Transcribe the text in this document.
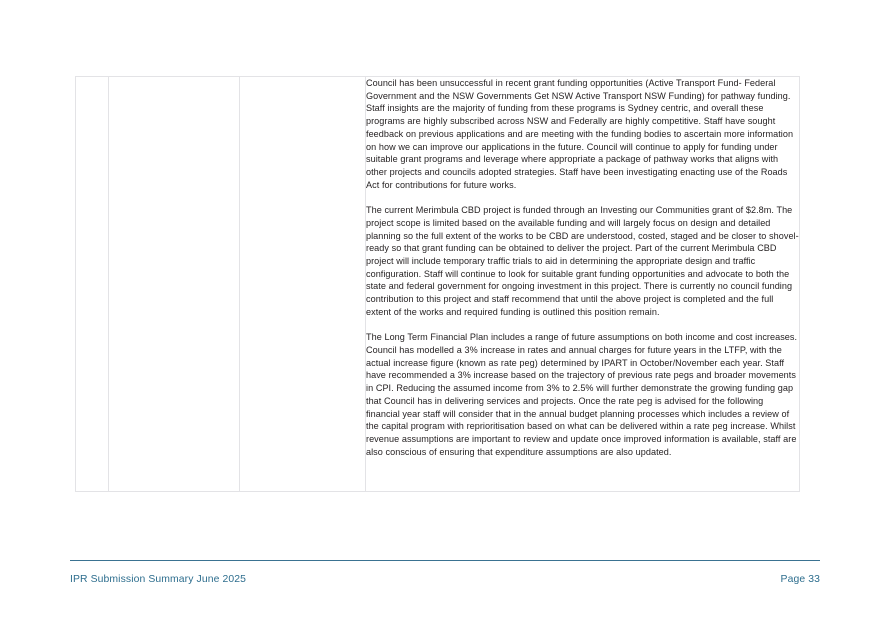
Council has been unsuccessful in recent grant funding opportunities (Active Transport Fund- Federal Government and the NSW Governments Get NSW Active Transport NSW Funding) for pathway funding. Staff insights are the majority of funding from these programs is Sydney centric, and overall these programs are highly subscribed across NSW and Federally are highly competitive. Staff have sought feedback on previous applications and are meeting with the funding bodies to ascertain more information on how we can improve our applications in the future. Council will continue to apply for funding under suitable grant programs and leverage where appropriate a package of pathway works that aligns with other projects and councils adopted strategies. Staff have been investigating enacting use of the Roads Act for contributions for future works.

The current Merimbula CBD project is funded through an Investing our Communities grant of $2.8m. The project scope is limited based on the available funding and will largely focus on design and detailed planning so the full extent of the works to be CBD are understood, costed, staged and be closer to shovel-ready so that grant funding can be obtained to deliver the project. Part of the current Merimbula CBD project will include temporary traffic trials to aid in determining the appropriate design and traffic configuration. Staff will continue to look for suitable grant funding opportunities and advocate to both the state and federal government for ongoing investment in this project. There is currently no council funding contribution to this project and staff recommend that until the above project is completed and the full extent of the works and required funding is outlined this position remain.

The Long Term Financial Plan includes a range of future assumptions on both income and cost increases. Council has modelled a 3% increase in rates and annual charges for future years in the LTFP, with the actual increase figure (known as rate peg) determined by IPART in October/November each year. Staff have recommended a 3% increase based on the trajectory of previous rate pegs and broader movements in CPI. Reducing the assumed income from 3% to 2.5% will further demonstrate the growing funding gap that Council has in delivering services and projects. Once the rate peg is advised for the following financial year staff will consider that in the annual budget planning processes which includes a review of the capital program with reprioritisation based on what can be delivered within a rate peg increase. Whilst revenue assumptions are important to review and update once improved information is available, staff are also conscious of ensuring that expenditure assumptions are also updated.

IPR Submission Summary June 2025	Page 33
